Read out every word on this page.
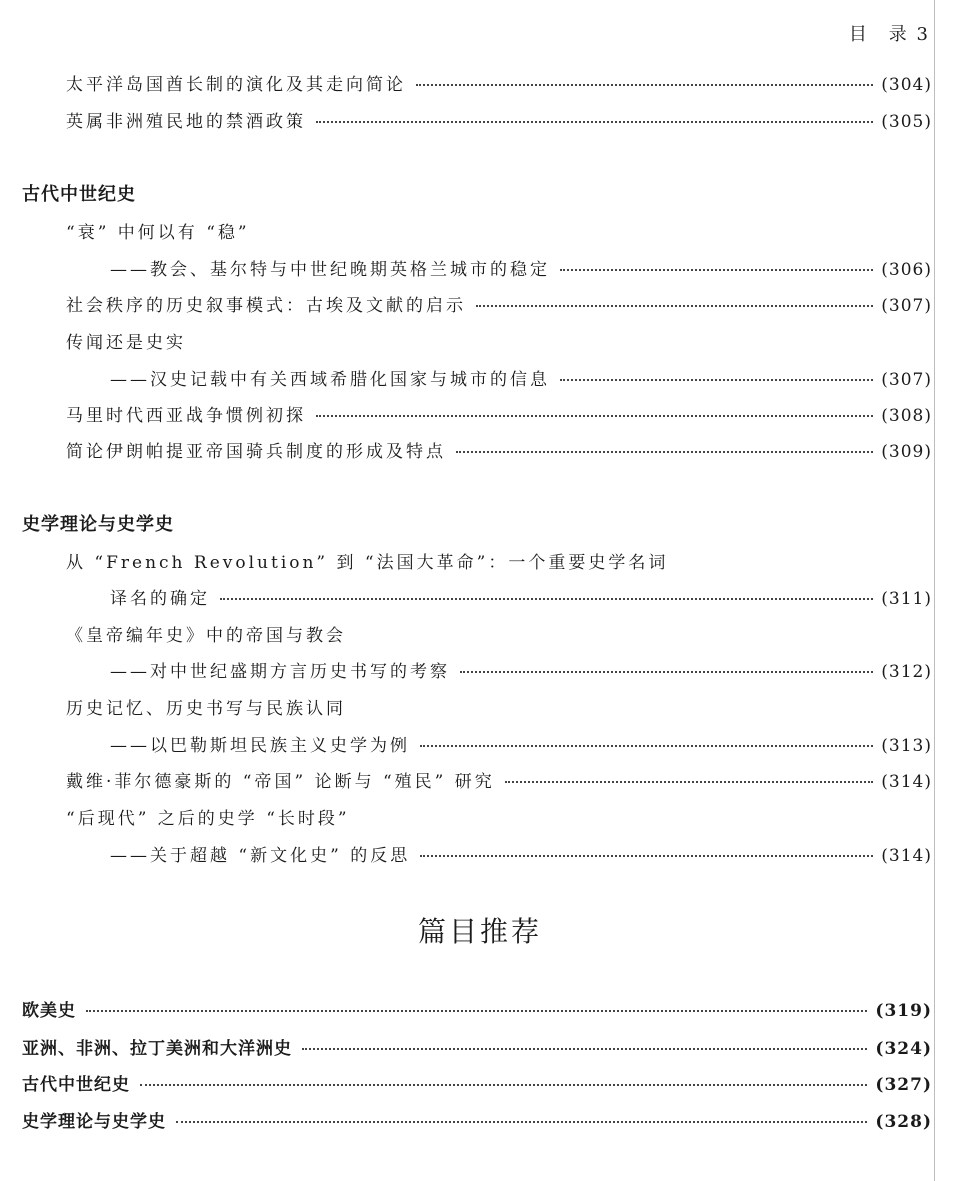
目　录 3
太平洋岛国酋长制的演化及其走向简论	(304)
英属非洲殖民地的禁酒政策	(305)
古代中世纪史
“衰” 中何以有 “稳”
——教会、基尔特与中世纪晚期英格兰城市的稳定	(306)
社会秩序的历史叙事模式：古埃及文献的启示	(307)
传闻还是史实
——汉史记载中有关西域希腊化国家与城市的信息	(307)
马里时代西亚战争惯例初探	(308)
简论伊朗帕提亚帝国骑兵制度的形成及特点	(309)
史学理论与史学史
从 “French Revolution” 到 “法国大革命”：一个重要史学名词
译名的确定	(311)
《皇帝编年史》中的帝国与教会
——对中世纪盛期方言历史书写的考察	(312)
历史记忆、历史书写与民族认同
——以巴勒斯坦民族主义史学为例	(313)
戴维·菲尔德豪斯的 “帝国” 论断与 “殖民” 研究	(314)
“后现代” 之后的史学 “长时段”
——关于超越 “新文化史” 的反思	(314)
篇目推荐
欧美史	(319)
亚洲、非洲、拉丁美洲和大洋洲史	(324)
古代中世纪史	(327)
史学理论与史学史	(328)
